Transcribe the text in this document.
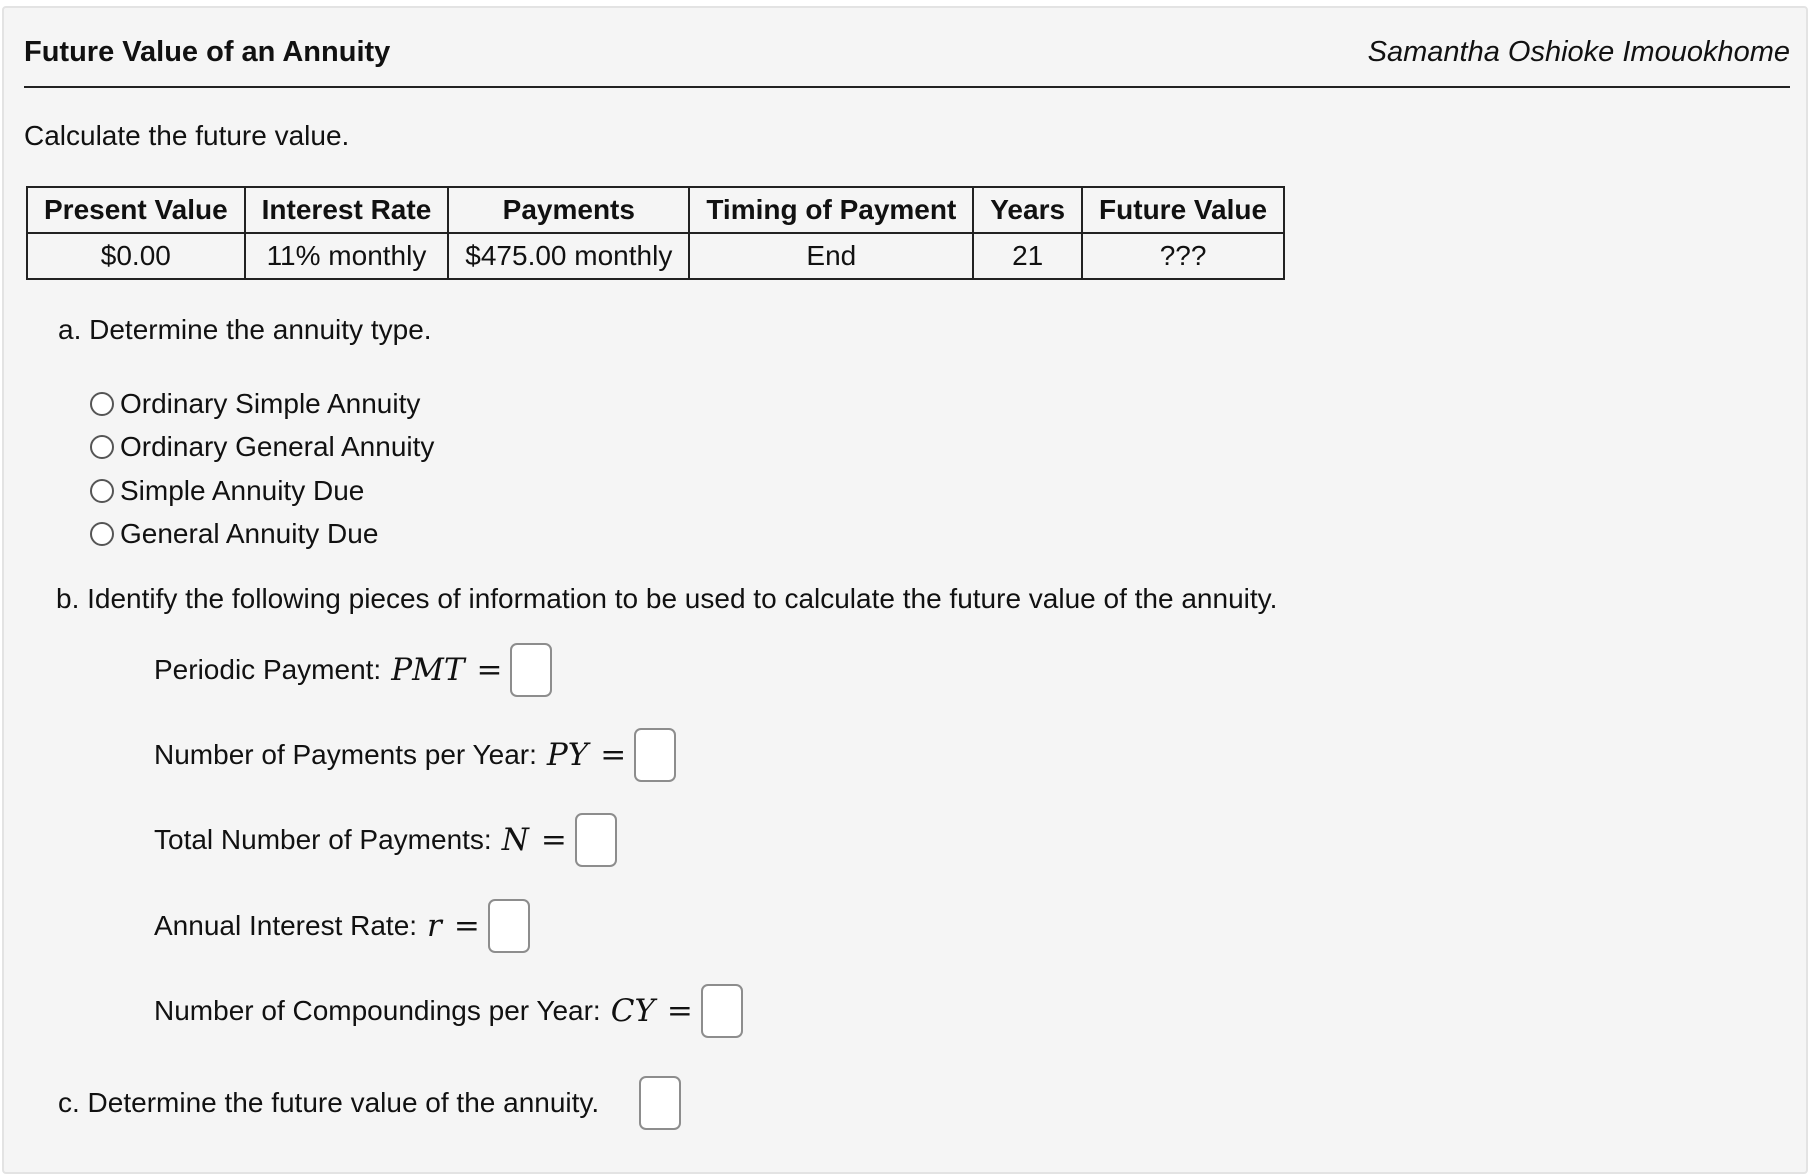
Future Value of an Annuity	Samantha Oshioke Imouokhome
Calculate the future value.
Present Value	Interest Rate	Payments	Timing of Payment	Years	Future Value
$0.00	11% monthly	$475.00 monthly	End	21	???
a. Determine the annuity type.
Ordinary Simple Annuity
Ordinary General Annuity
Simple Annuity Due
General Annuity Due
b. Identify the following pieces of information to be used to calculate the future value of the annuity.
Periodic Payment: PMT =
Number of Payments per Year: PY =
Total Number of Payments: N =
Annual Interest Rate: r =
Number of Compoundings per Year: CY =
c. Determine the future value of the annuity.
